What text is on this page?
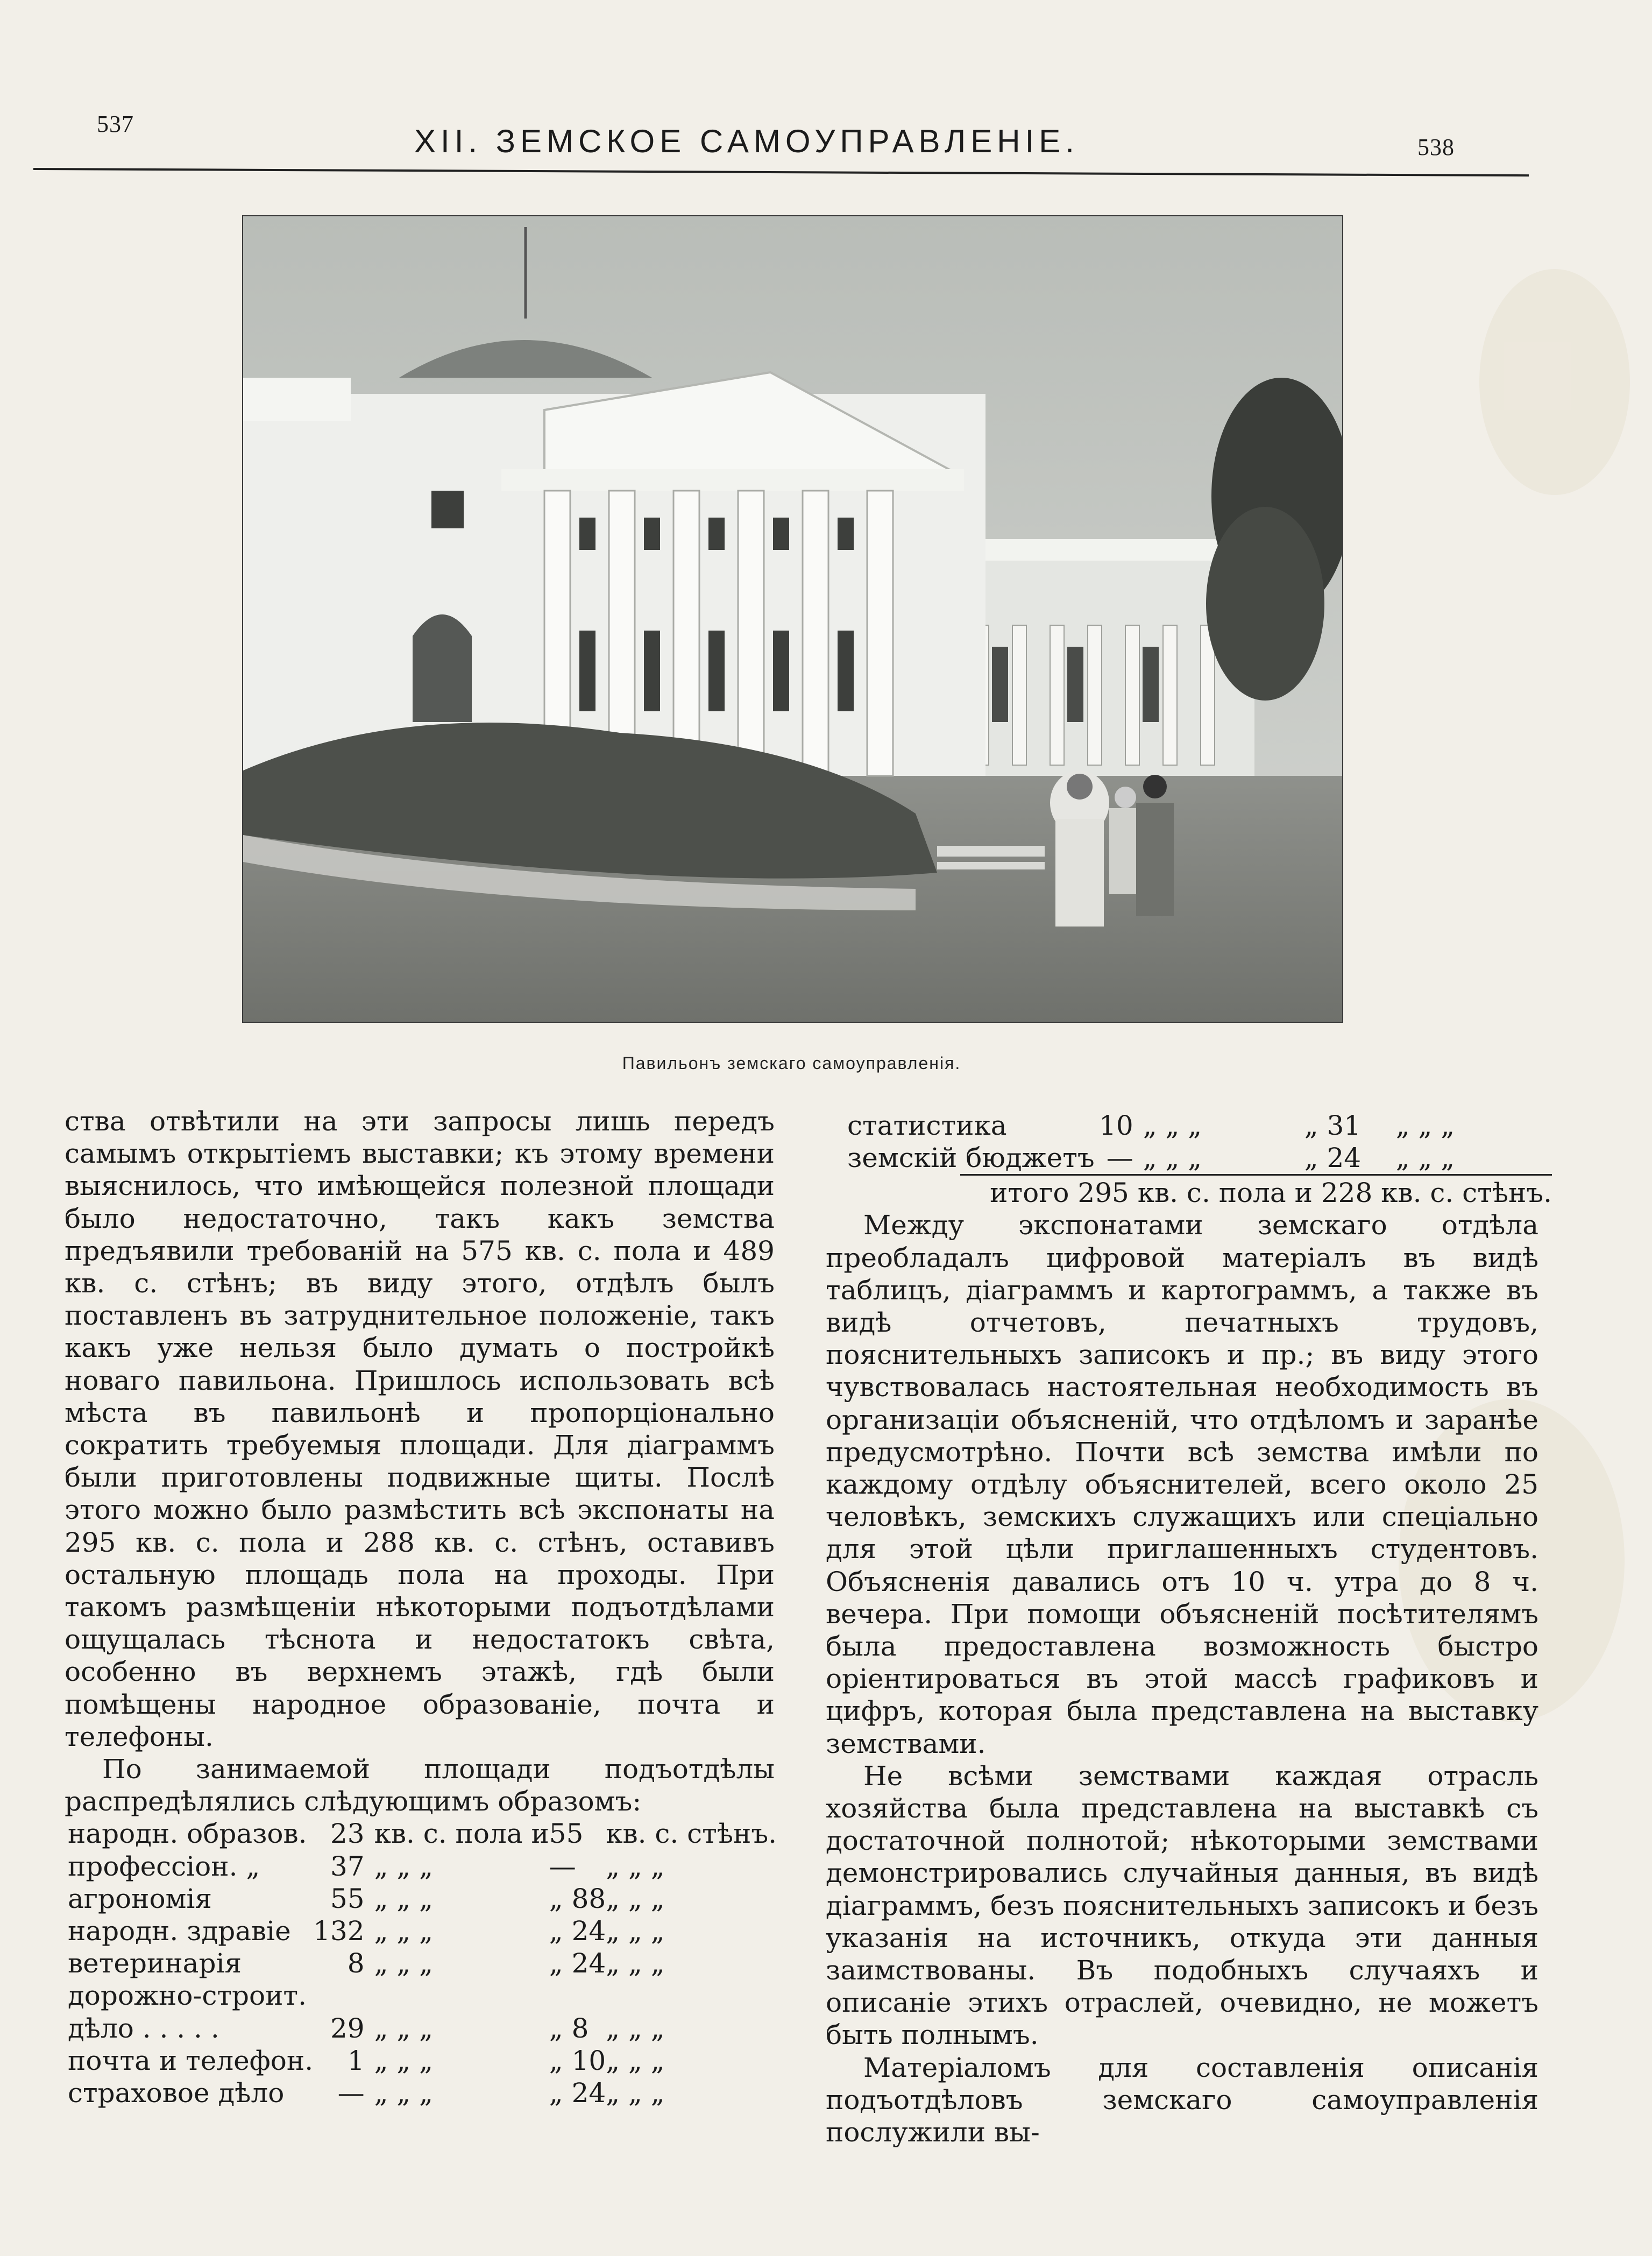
537	XII. ЗЕМСКОЕ САМОУПРАВЛЕНIЕ.	538
Павильонъ земскаго самоуправленія.

ства отвѣтили на эти запросы лишь передъ самымъ открытіемъ выставки; къ этому времени выяснилось, что имѣющейся полезной площади было недостаточно, такъ какъ земства предъявили требованій на 575 кв. с. пола и 489 кв. с. стѣнъ; въ виду этого, отдѣлъ былъ поставленъ въ затруднительное положеніе, такъ какъ уже нельзя было думать о постройкѣ новаго павильона. Пришлось использовать всѣ мѣста въ павильонѣ и пропорціонально сократить требуемыя площади. Для діаграммъ были приготовлены подвижные щиты. Послѣ этого можно было размѣстить всѣ экспонаты на 295 кв. с. пола и 288 кв. с. стѣнъ, оставивъ остальную площадь пола на проходы. При такомъ размѣщеніи нѣкоторыми подъотдѣлами ощущалась тѣснота и недостатокъ свѣта, особенно въ верхнемъ этажѣ, гдѣ были помѣщены народное образованіе, почта и телефоны.

По занимаемой площади подъотдѣлы распредѣлялись слѣдующимъ образомъ:

народн. образов.	23	кв. с. пола и	55	кв. с. стѣнъ.
профессіон. „	37	„ „ „	—	„ „ „
агрономія	55	„ „ „	„ 88	„ „ „
народн. здравіе	132	„ „ „	„ 24	„ „ „
ветеринарія	8	„ „ „	„ 24	„ „ „
дорожно-строит.				
дѣло . . . . .	29	„ „ „	„ 8	„ „ „
почта и телефон.	1	„ „ „	„ 10	„ „ „
страховое дѣло	—	„ „ „	„ 24	„ „ „
статистика	10	„ „ „	„ 31	„ „ „
земскій бюджетъ	—	„ „ „	„ 24	„ „ „
итого 295 кв. с. пола и 228 кв. с. стѣнъ.

Между экспонатами земскаго отдѣла преобладалъ цифровой матеріалъ въ видѣ таблицъ, діаграммъ и картограммъ, а также въ видѣ отчетовъ, печатныхъ трудовъ, пояснительныхъ записокъ и пр.; въ виду этого чувствовалась настоятельная необходимость въ организаціи объясненій, что отдѣломъ и заранѣе предусмотрѣно. Почти всѣ земства имѣли по каждому отдѣлу объяснителей, всего около 25 человѣкъ, земскихъ служащихъ или спеціально для этой цѣли приглашенныхъ студентовъ. Объясненія давались отъ 10 ч. утра до 8 ч. вечера. При помощи объясненій посѣтителямъ была предоставлена возможность быстро оріентироваться въ этой массѣ графиковъ и цифръ, которая была представлена на выставку земствами.

Не всѣми земствами каждая отрасль хозяйства была представлена на выставкѣ съ достаточной полнотой; нѣкоторыми земствами демонстрировались случайныя данныя, въ видѣ діаграммъ, безъ пояснительныхъ записокъ и безъ указанія на источникъ, откуда эти данныя заимствованы. Въ подобныхъ случаяхъ и описаніе этихъ отраслей, очевидно, не можетъ быть полнымъ.

Матеріаломъ для составленія описанія подъотдѣловъ земскаго самоуправленія послужили вы-
